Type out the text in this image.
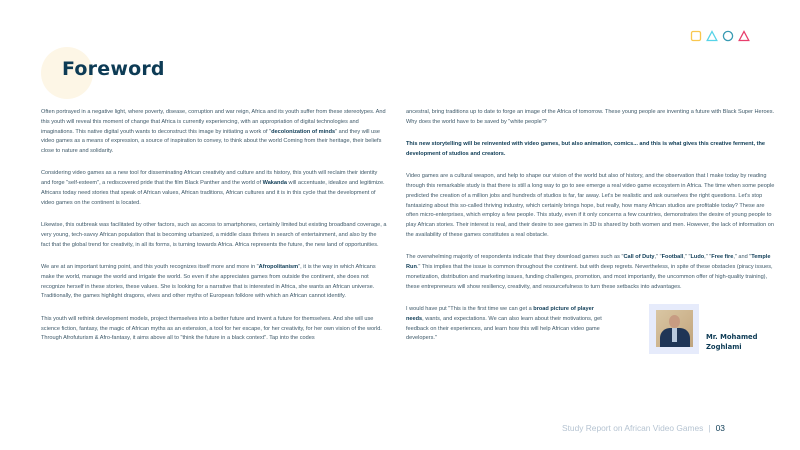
Foreword

Often portrayed in a negative light, where poverty, disease, corruption and war reign, Africa and its youth suffer from these stereotypes. And this youth will reveal this moment of change that Africa is currently experiencing, with an appropriation of digital technologies and imaginations. This native digital youth wants to deconstruct this image by initiating a work of "decolonization of minds" and they will use video games as a means of expression, a source of inspiration to convey, to think about the world Coming from their heritage, their beliefs close to nature and solidarity.

Considering video games as a new tool for disseminating African creativity and culture and its history, this youth will reclaim their identity and forge "self-esteem", a rediscovered pride that the film Black Panther and the world of Wakanda will accentuate, idealize and legitimize. Africans today need stories that speak of African values, African traditions, African cultures and it is in this cycle that the development of video games on the continent is located.

Likewise, this outbreak was facilitated by other factors, such as access to smartphones, certainly limited but existing broadband coverage, a very young, tech-savvy African population that is becoming urbanized, a middle class thrives in search of entertainment, and also by the fact that the global trend for creativity, in all its forms, is turning towards Africa. Africa represents the future, the new land of opportunities.

We are at an important turning point, and this youth recognizes itself more and more in "Afropolitanism", it is the way in which Africans make the world, manage the world and irrigate the world. So even if she appreciates games from outside the continent, she does not recognize herself in these stories, these values. She is looking for a narrative that is interested in Africa, she wants an African universe. Traditionally, the games highlight dragons, elves and other myths of European folklore with which an African cannot identify.

This youth will rethink development models, project themselves into a better future and invent a future for themselves. And she will use science fiction, fantasy, the magic of African myths as an extension, a tool for her escape, for her creativity, for her own vision of the world. Through Afrofuturism & Afro-fantasy, it aims above all to "think the future in a black context". Tap into the codes

ancestral, bring traditions up to date to forge an image of the Africa of tomorrow. These young people are inventing a future with Black Super Heroes. Why does the world have to be saved by "white people"?

This new storytelling will be reinvented with video games, but also animation, comics... and this is what gives this creative ferment, the development of studios and creators.

Video games are a cultural weapon, and help to shape our vision of the world but also of history, and the observation that I make today by reading through this remarkable study is that there is still a long way to go to see emerge a real video game ecosystem in Africa. The time when some people predicted the creation of a million jobs and hundreds of studios is far, far away. Let's be realistic and ask ourselves the right questions. Let's stop fantasizing about this so-called thriving industry, which certainly brings hope, but really, how many African studios are profitable today? These are often micro-enterprises, which employ a few people. This study, even if it only concerns a few countries, demonstrates the desire of young people to play African stories. Their interest is real, and their desire to see games in 3D is shared by both women and men. However, the lack of information on the availability of these games constitutes a real obstacle.

The overwhelming majority of respondents indicate that they download games such as "Call of Duty," "Football," "Ludo," "Free fire," and "Temple Run." This implies that the issue is common throughout the continent. but with deep regrets. Nevertheless, in spite of these obstacles (piracy issues, monetization, distribution and marketing issues, funding challenges, promotion, and most importantly, the uncommon offer of high-quality training), these entrepreneurs will show resiliency, creativity, and resourcefulness to turn these setbacks into advantages.

I would have put "This is the first time we can get a broad picture of player needs, wants, and expectations. We can also learn about their motivations, get feedback on their experiences, and learn how this will help African video game developers."	Mr. Mohamed
Zoghlami
Study Report on African Video Games | 03
